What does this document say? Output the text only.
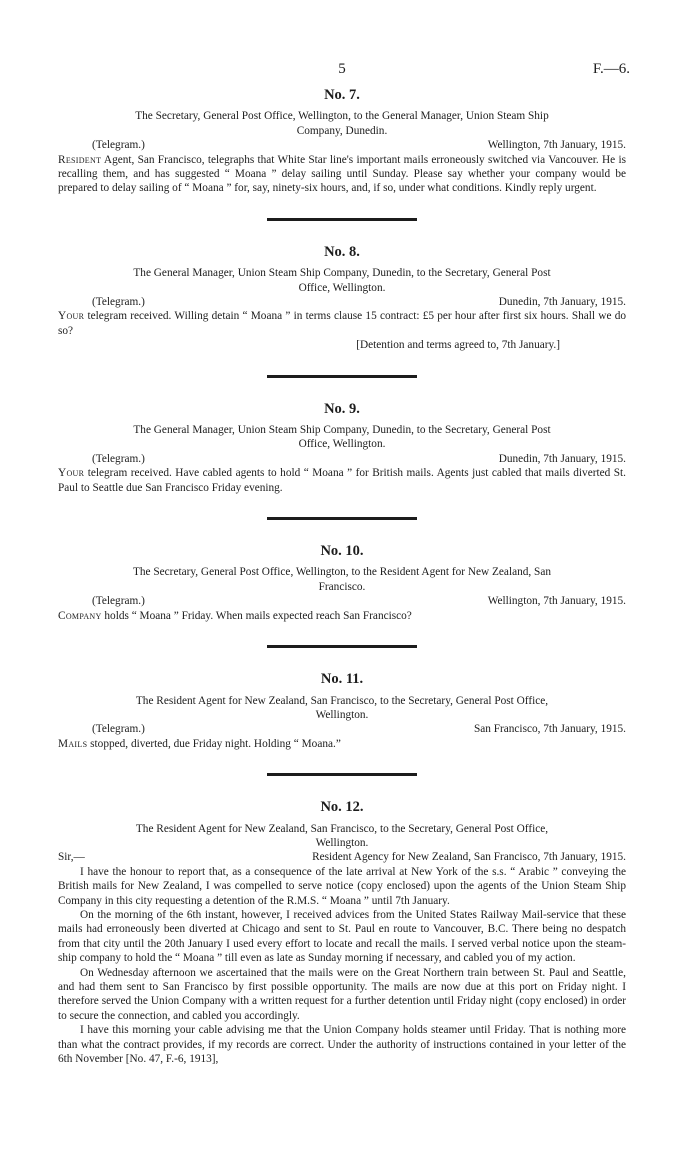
5	F.—6.
No. 7.
The Secretary, General Post Office, Wellington, to the General Manager, Union Steam Ship
Company, Dunedin.
(Telegram.)	Wellington, 7th January, 1915.
Resident Agent, San Francisco, telegraphs that White Star line's important mails erroneously switched via Vancouver. He is recalling them, and has suggested “ Moana ” delay sailing until Sunday. Please say whether your company would be prepared to delay sailing of “ Moana ” for, say, ninety-six hours, and, if so, under what conditions. Kindly reply urgent.
No. 8.
The General Manager, Union Steam Ship Company, Dunedin, to the Secretary, General Post
Office, Wellington.
(Telegram.)	Dunedin, 7th January, 1915.
Your telegram received. Willing detain “ Moana ” in terms clause 15 contract: £5 per hour after first six hours. Shall we do so?
[Detention and terms agreed to, 7th January.]
No. 9.
The General Manager, Union Steam Ship Company, Dunedin, to the Secretary, General Post
Office, Wellington.
(Telegram.)	Dunedin, 7th January, 1915.
Your telegram received. Have cabled agents to hold “ Moana ” for British mails. Agents just cabled that mails diverted St. Paul to Seattle due San Francisco Friday evening.
No. 10.
The Secretary, General Post Office, Wellington, to the Resident Agent for New Zealand, San
Francisco.
(Telegram.)	Wellington, 7th January, 1915.
Company holds “ Moana ” Friday. When mails expected reach San Francisco?
No. 11.
The Resident Agent for New Zealand, San Francisco, to the Secretary, General Post Office,
Wellington.
(Telegram.)	San Francisco, 7th January, 1915.
Mails stopped, diverted, due Friday night. Holding “ Moana.”
No. 12.
The Resident Agent for New Zealand, San Francisco, to the Secretary, General Post Office,
Wellington.
Sir,—	Resident Agency for New Zealand, San Francisco, 7th January, 1915.
I have the honour to report that, as a consequence of the late arrival at New York of the s.s. “ Arabic ” conveying the British mails for New Zealand, I was compelled to serve notice (copy enclosed) upon the agents of the Union Steam Ship Company in this city requesting a detention of the R.M.S. “ Moana ” until 7th January.
On the morning of the 6th instant, however, I received advices from the United States Railway Mail-service that these mails had erroneously been diverted at Chicago and sent to St. Paul en route to Vancouver, B.C. There being no despatch from that city until the 20th January I used every effort to locate and recall the mails. I served verbal notice upon the steam-ship company to hold the “ Moana ” till even as late as Sunday morning if necessary, and cabled you of my action.
On Wednesday afternoon we ascertained that the mails were on the Great Northern train between St. Paul and Seattle, and had them sent to San Francisco by first possible opportunity. The mails are now due at this port on Friday night. I therefore served the Union Company with a written request for a further detention until Friday night (copy enclosed) in order to secure the connection, and cabled you accordingly.
I have this morning your cable advising me that the Union Company holds steamer until Friday. That is nothing more than what the contract provides, if my records are correct. Under the authority of instructions contained in your letter of the 6th November [No. 47, F.-6, 1913],
